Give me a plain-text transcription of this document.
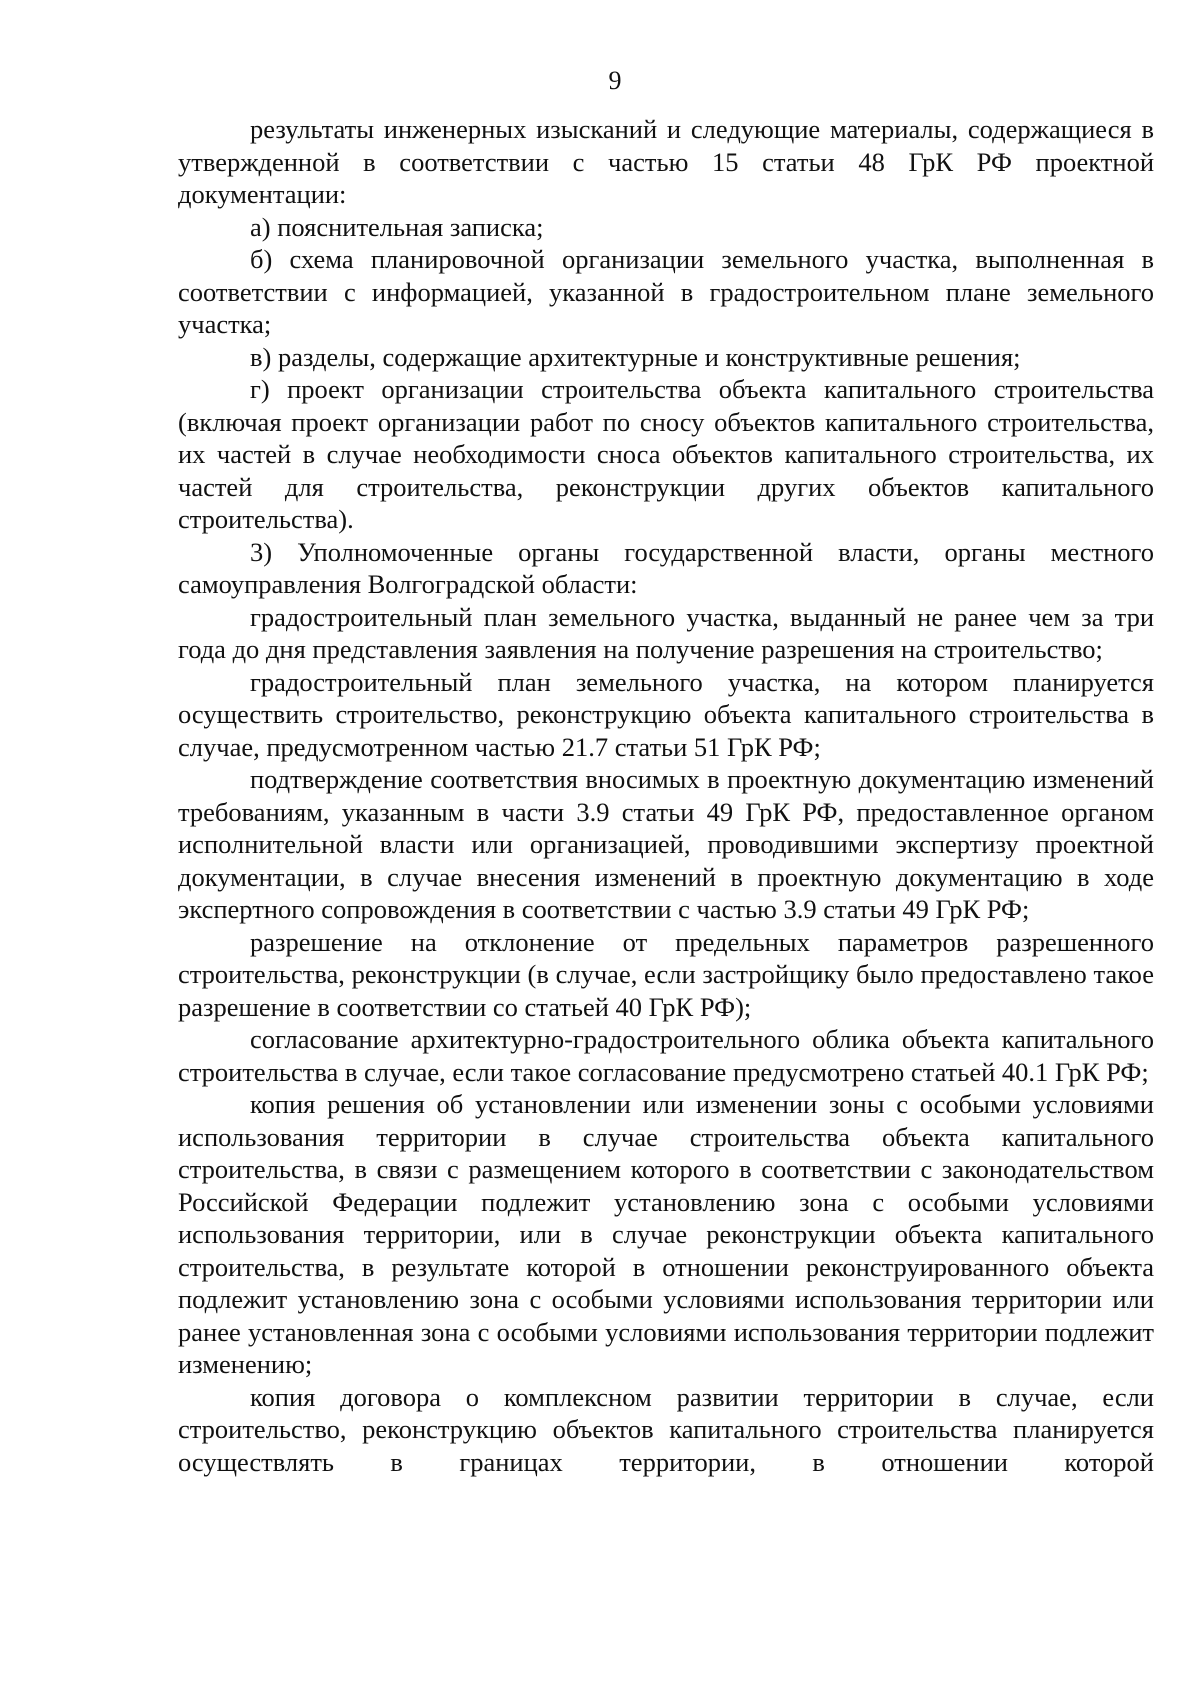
9

результаты инженерных изысканий и следующие материалы, содержащиеся в утвержденной в соответствии с частью 15 статьи 48 ГрК РФ проектной документации:

а) пояснительная записка;

б) схема планировочной организации земельного участка, выполненная в соответствии с информацией, указанной в градостроительном плане земельного участка;

в) разделы, содержащие архитектурные и конструктивные решения;

г) проект организации строительства объекта капитального строительства (включая проект организации работ по сносу объектов капитального строительства, их частей в случае необходимости сноса объектов капитального строительства, их частей для строительства, реконструкции других объектов капитального строительства).

3) Уполномоченные органы государственной власти, органы местного самоуправления Волгоградской области:

градостроительный план земельного участка, выданный не ранее чем за три года до дня представления заявления на получение разрешения на строительство;

градостроительный план земельного участка, на котором планируется осуществить строительство, реконструкцию объекта капитального строительства в случае, предусмотренном частью 21.7 статьи 51 ГрК РФ;

подтверждение соответствия вносимых в проектную документацию изменений требованиям, указанным в части 3.9 статьи 49 ГрК РФ, предоставленное органом исполнительной власти или организацией, проводившими экспертизу проектной документации, в случае внесения изменений в проектную документацию в ходе экспертного сопровождения в соответствии с частью 3.9 статьи 49 ГрК РФ;

разрешение на отклонение от предельных параметров разрешенного строительства, реконструкции (в случае, если застройщику было предоставлено такое разрешение в соответствии со статьей 40 ГрК РФ);

согласование архитектурно-градостроительного облика объекта капитального строительства в случае, если такое согласование предусмотрено статьей 40.1 ГрК РФ;

копия решения об установлении или изменении зоны с особыми условиями использования территории в случае строительства объекта капитального строительства, в связи с размещением которого в соответствии с законодательством Российской Федерации подлежит установлению зона с особыми условиями использования территории, или в случае реконструкции объекта капитального строительства, в результате которой в отношении реконструированного объекта подлежит установлению зона с особыми условиями использования территории или ранее установленная зона с особыми условиями использования территории подлежит изменению;

копия договора о комплексном развитии территории в случае, если строительство, реконструкцию объектов капитального строительства планируется осуществлять в границах территории, в отношении которой
